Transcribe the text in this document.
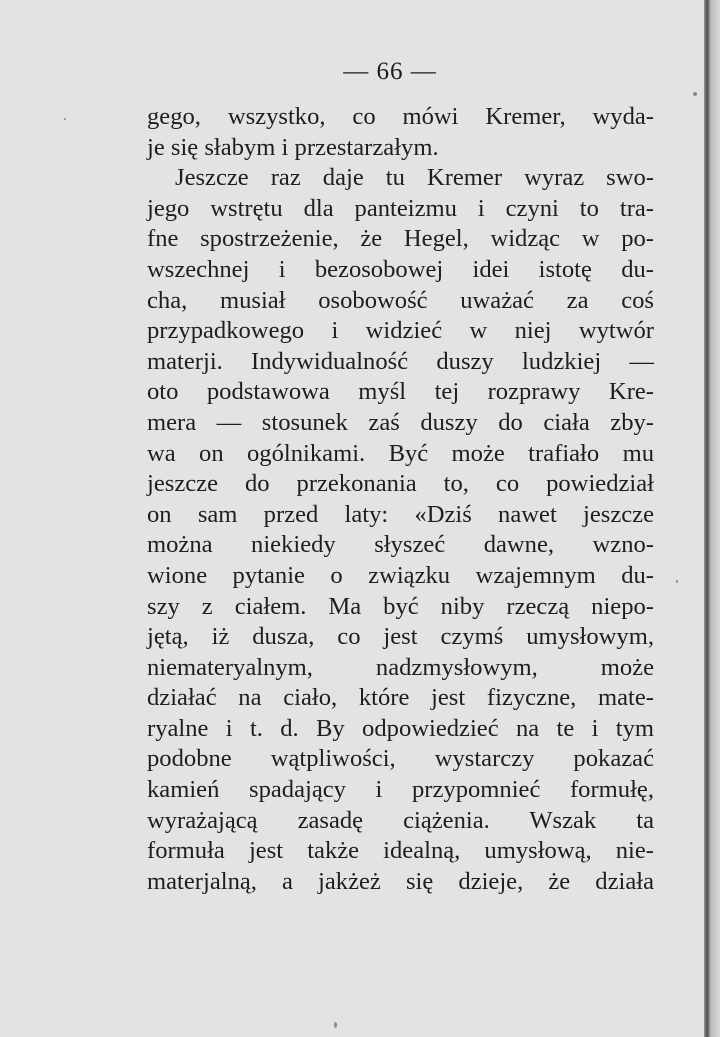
— 66 —
gego, wszystko, co mówi Kremer, wyda-
je się słabym i przestarzałym.
Jeszcze raz daje tu Kremer wyraz swo-
jego wstrętu dla panteizmu i czyni to tra-
fne spostrzeżenie, że Hegel, widząc w po-
wszechnej i bezosobowej idei istotę du-
cha, musiał osobowość uważać za coś
przypadkowego i widzieć w niej wytwór
materji. Indywidualność duszy ludzkiej —
oto podstawowa myśl tej rozprawy Kre-
mera — stosunek zaś duszy do ciała zby-
wa on ogólnikami. Być może trafiało mu
jeszcze do przekonania to, co powiedział
on sam przed laty: «Dziś nawet jeszcze
można niekiedy słyszeć dawne, wzno-
wione pytanie o związku wzajemnym du-
szy z ciałem. Ma być niby rzeczą niepo-
jętą, iż dusza, co jest czymś umysłowym,
niemateryalnym, nadzmysłowym, może
działać na ciało, które jest fizyczne, mate-
ryalne i t. d. By odpowiedzieć na te i tym
podobne wątpliwości, wystarczy pokazać
kamień spadający i przypomnieć formułę,
wyrażającą zasadę ciążenia. Wszak ta
formuła jest także idealną, umysłową, nie-
materjalną, a jakżeż się dzieje, że działa
